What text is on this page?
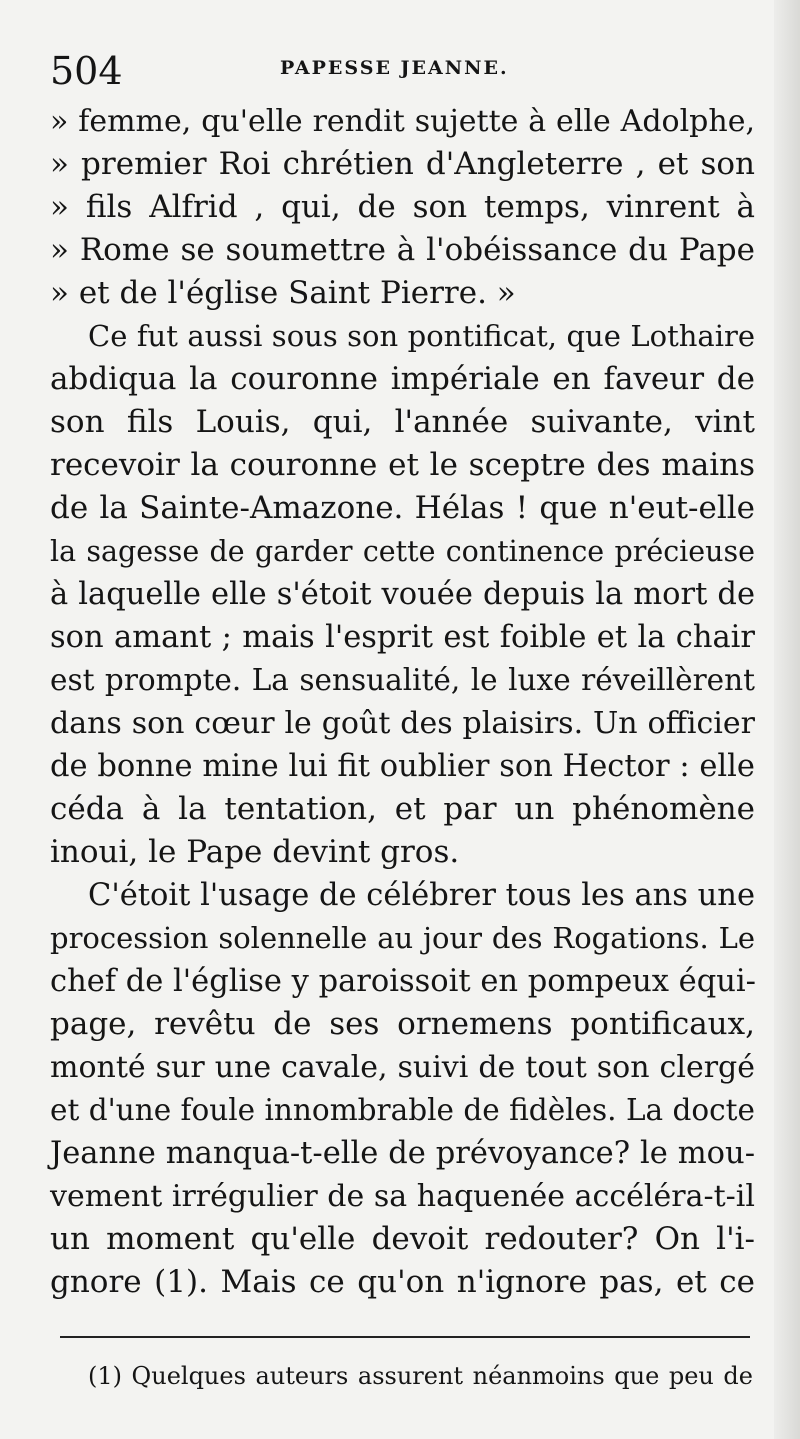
504	PAPESSE JEANNE.
» femme, qu'elle rendit sujette à elle Adolphe,
» premier Roi chrétien d'Angleterre , et son
» fils Alfrid , qui, de son temps, vinrent à
» Rome se soumettre à l'obéissance du Pape
» et de l'église Saint Pierre. »
Ce fut aussi sous son pontificat, que Lothaire
abdiqua la couronne impériale en faveur de
son fils Louis, qui, l'année suivante, vint
recevoir la couronne et le sceptre des mains
de la Sainte-Amazone. Hélas ! que n'eut-elle
la sagesse de garder cette continence précieuse
à laquelle elle s'étoit vouée depuis la mort de
son amant ; mais l'esprit est foible et la chair
est prompte. La sensualité, le luxe réveillèrent
dans son cœur le goût des plaisirs. Un officier
de bonne mine lui fit oublier son Hector : elle
céda à la tentation, et par un phénomène
inoui, le Pape devint gros.
C'étoit l'usage de célébrer tous les ans une
procession solennelle au jour des Rogations. Le
chef de l'église y paroissoit en pompeux équi-
page, revêtu de ses ornemens pontificaux,
monté sur une cavale, suivi de tout son clergé
et d'une foule innombrable de fidèles. La docte
Jeanne manqua-t-elle de prévoyance? le mou-
vement irrégulier de sa haquenée accéléra-t-il
un moment qu'elle devoit redouter? On l'i-
gnore (1). Mais ce qu'on n'ignore pas, et ce
(1) Quelques auteurs assurent néanmoins que peu de
